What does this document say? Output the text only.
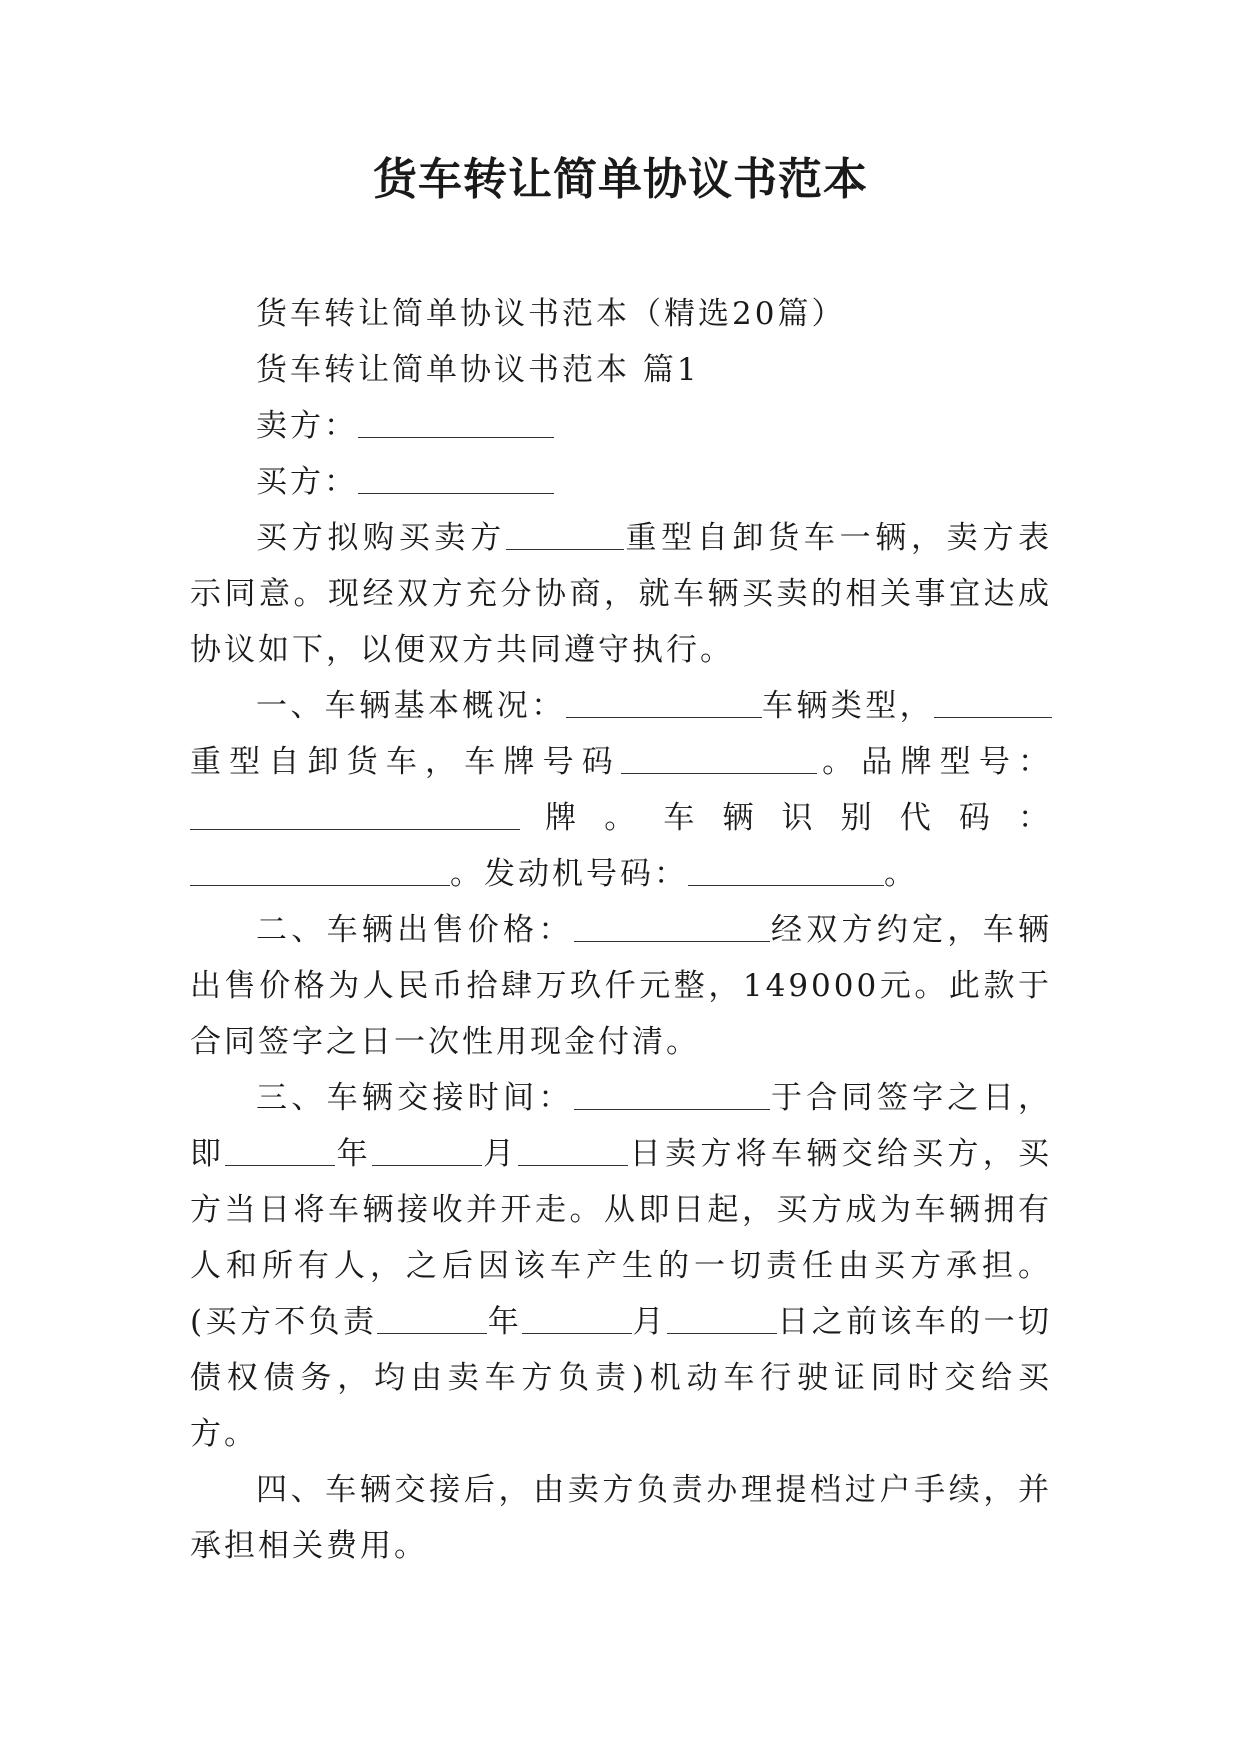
货车转让简单协议书范本

货车转让简单协议书范本（精选20篇）

货车转让简单协议书范本 篇1

卖方：

买方：

买方拟购买卖方	重型自卸货车一辆，卖方表示同意。现经双方充分协商，就车辆买卖的相关事宜达成协议如下，以便双方共同遵守执行。

一、车辆基本概况：	车辆类型，重型自卸货车，车牌号码	。品牌型号：牌。车辆识别代码：。发动机号码：	。

二、车辆出售价格：	经双方约定，车辆出售价格为人民币拾肆万玖仟元整，149000元。此款于合同签字之日一次性用现金付清。

三、车辆交接时间：	于合同签字之日，即	年	月	日卖方将车辆交给买方，买方当日将车辆接收并开走。从即日起，买方成为车辆拥有人和所有人，之后因该车产生的一切责任由买方承担。(买方不负责	年	月	日之前该车的一切债权债务，均由卖车方负责)机动车行驶证同时交给买方。

四、车辆交接后，由卖方负责办理提档过户手续，并承担相关费用。
